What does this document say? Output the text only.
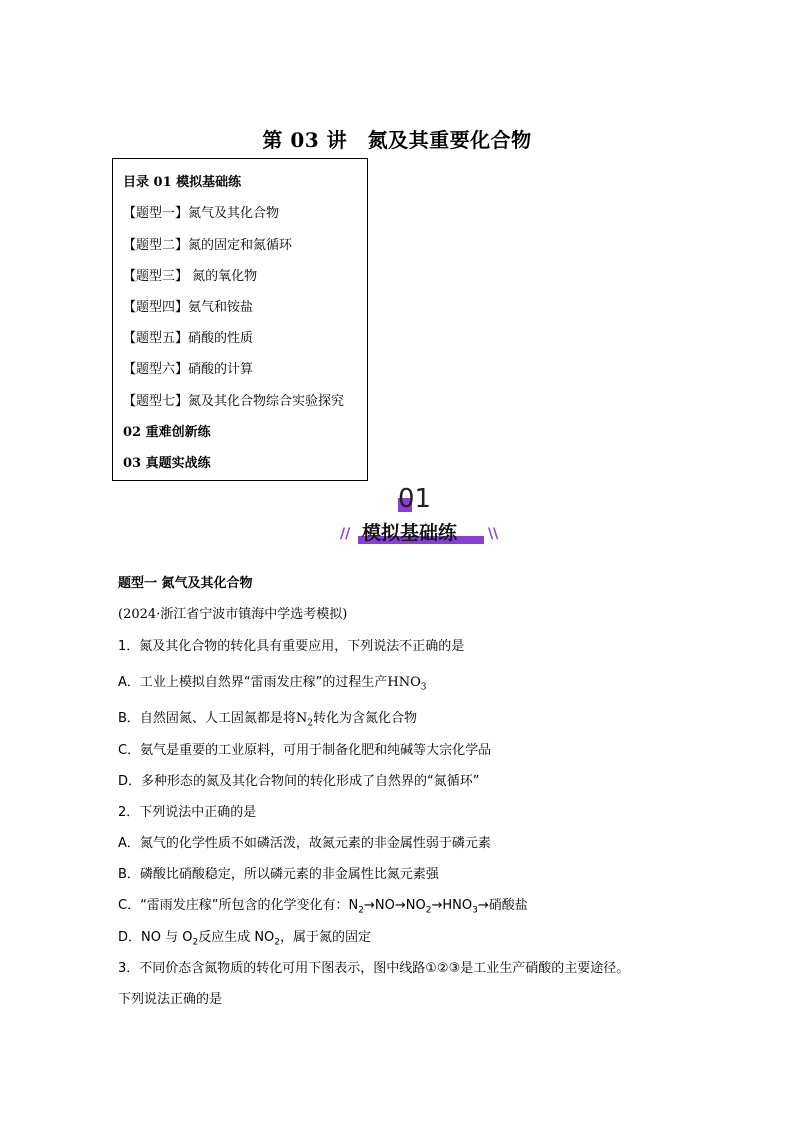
第 03 讲　氮及其重要化合物
目录 01 模拟基础练
【题型一】氮气及其化合物
【题型二】氮的固定和氮循环
【题型三】 氮的氧化物
【题型四】氨气和铵盐
【题型五】硝酸的性质
【题型六】硝酸的计算
【题型七】氮及其化合物综合实验探究
02 重难创新练
03 真题实战练
01
模拟基础练
//	\\
题型一 氮气及其化合物
(2024·浙江省宁波市镇海中学选考模拟)
1．氮及其化合物的转化具有重要应用，下列说法不正确的是
A．工业上模拟自然界“雷雨发庄稼”的过程生产$HNO_3$
B．自然固氮、人工固氮都是将$N_2$转化为含氮化合物
C．氨气是重要的工业原料，可用于制备化肥和纯碱等大宗化学品
D．多种形态的氮及其化合物间的转化形成了自然界的“氮循环”
2．下列说法中正确的是
A．氮气的化学性质不如磷活泼，故氮元素的非金属性弱于磷元素
B．磷酸比硝酸稳定，所以磷元素的非金属性比氮元素强
C．“雷雨发庄稼”所包含的化学变化有：$N_2\to NO\to NO_2\to HNO_3\to$硝酸盐
D．NO 与 $O_2$反应生成 $NO_2$，属于氮的固定
3．不同价态含氮物质的转化可用下图表示，图中线路①②③是工业生产硝酸的主要途径。
下列说法正确的是
